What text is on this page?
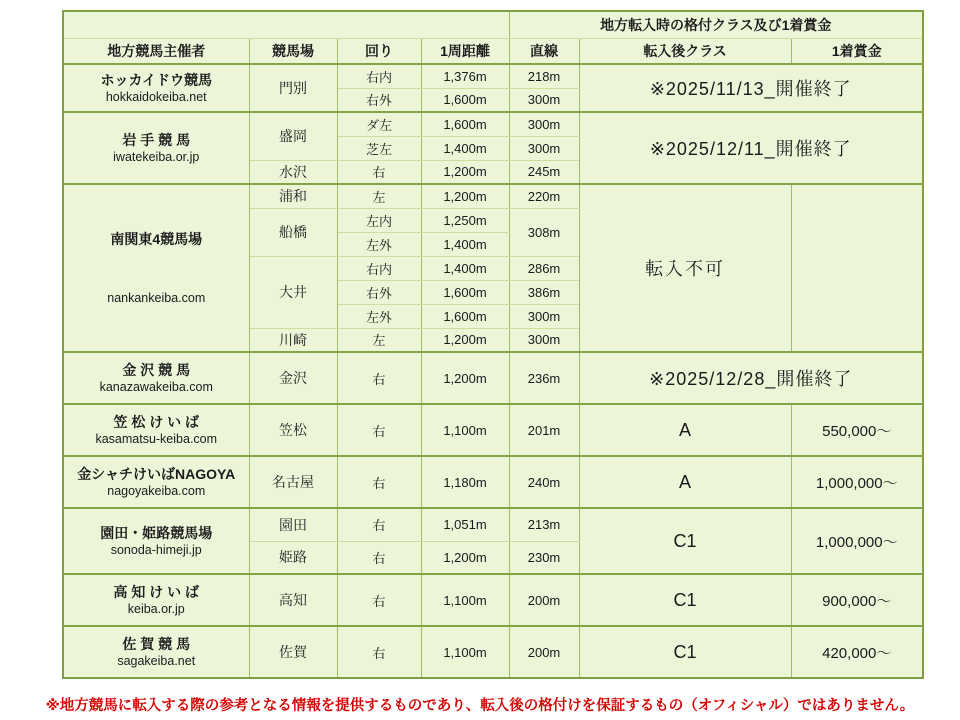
				地方転入時の格付クラス及び1着賞金		
地方競馬主催者	競馬場	回り	1周距離	直線	転入後クラス	1着賞金

ホッカイドウ競馬
hokkaidokeiba.net	門別	右内	1,376m	218m	※2025/11/13_開催終了	
		右外	1,600m	300m		

岩 手 競 馬
iwatekeiba.or.jp	盛岡	ダ左	1,600m	300m	※2025/12/11_開催終了	
		芝左	1,400m	300m		
	水沢	右	1,200m	245m		

南関東4競馬場
nankankeiba.com	浦和	左	1,200m	220m	転入不可	
	船橋	左内	1,250m	308m		
		左外	1,400m			
	大井	右内	1,400m	286m		
		右外	1,600m	386m		
		左外	1,600m	300m		
	川崎	左	1,200m	300m		

金 沢 競 馬
kanazawakeiba.com	金沢	右	1,200m	236m	※2025/12/28_開催終了	

笠 松 け い ば
kasamatsu-keiba.com	笠松	右	1,100m	201m	A	550,000～

金シャチけいばNAGOYA
nagoyakeiba.com	名古屋	右	1,180m	240m	A	1,000,000～

園田・姫路競馬場
sonoda-himeji.jp	園田	右	1,051m	213m	C1	1,000,000～
	姫路	右	1,200m	230m		

高 知 け い ば
keiba.or.jp	高知	右	1,100m	200m	C1	900,000～

佐 賀 競 馬
sagakeiba.net	佐賀	右	1,100m	200m	C1	420,000～
※地方競馬に転入する際の参考となる情報を提供するものであり、転入後の格付けを保証するもの（オフィシャル）ではありません。
